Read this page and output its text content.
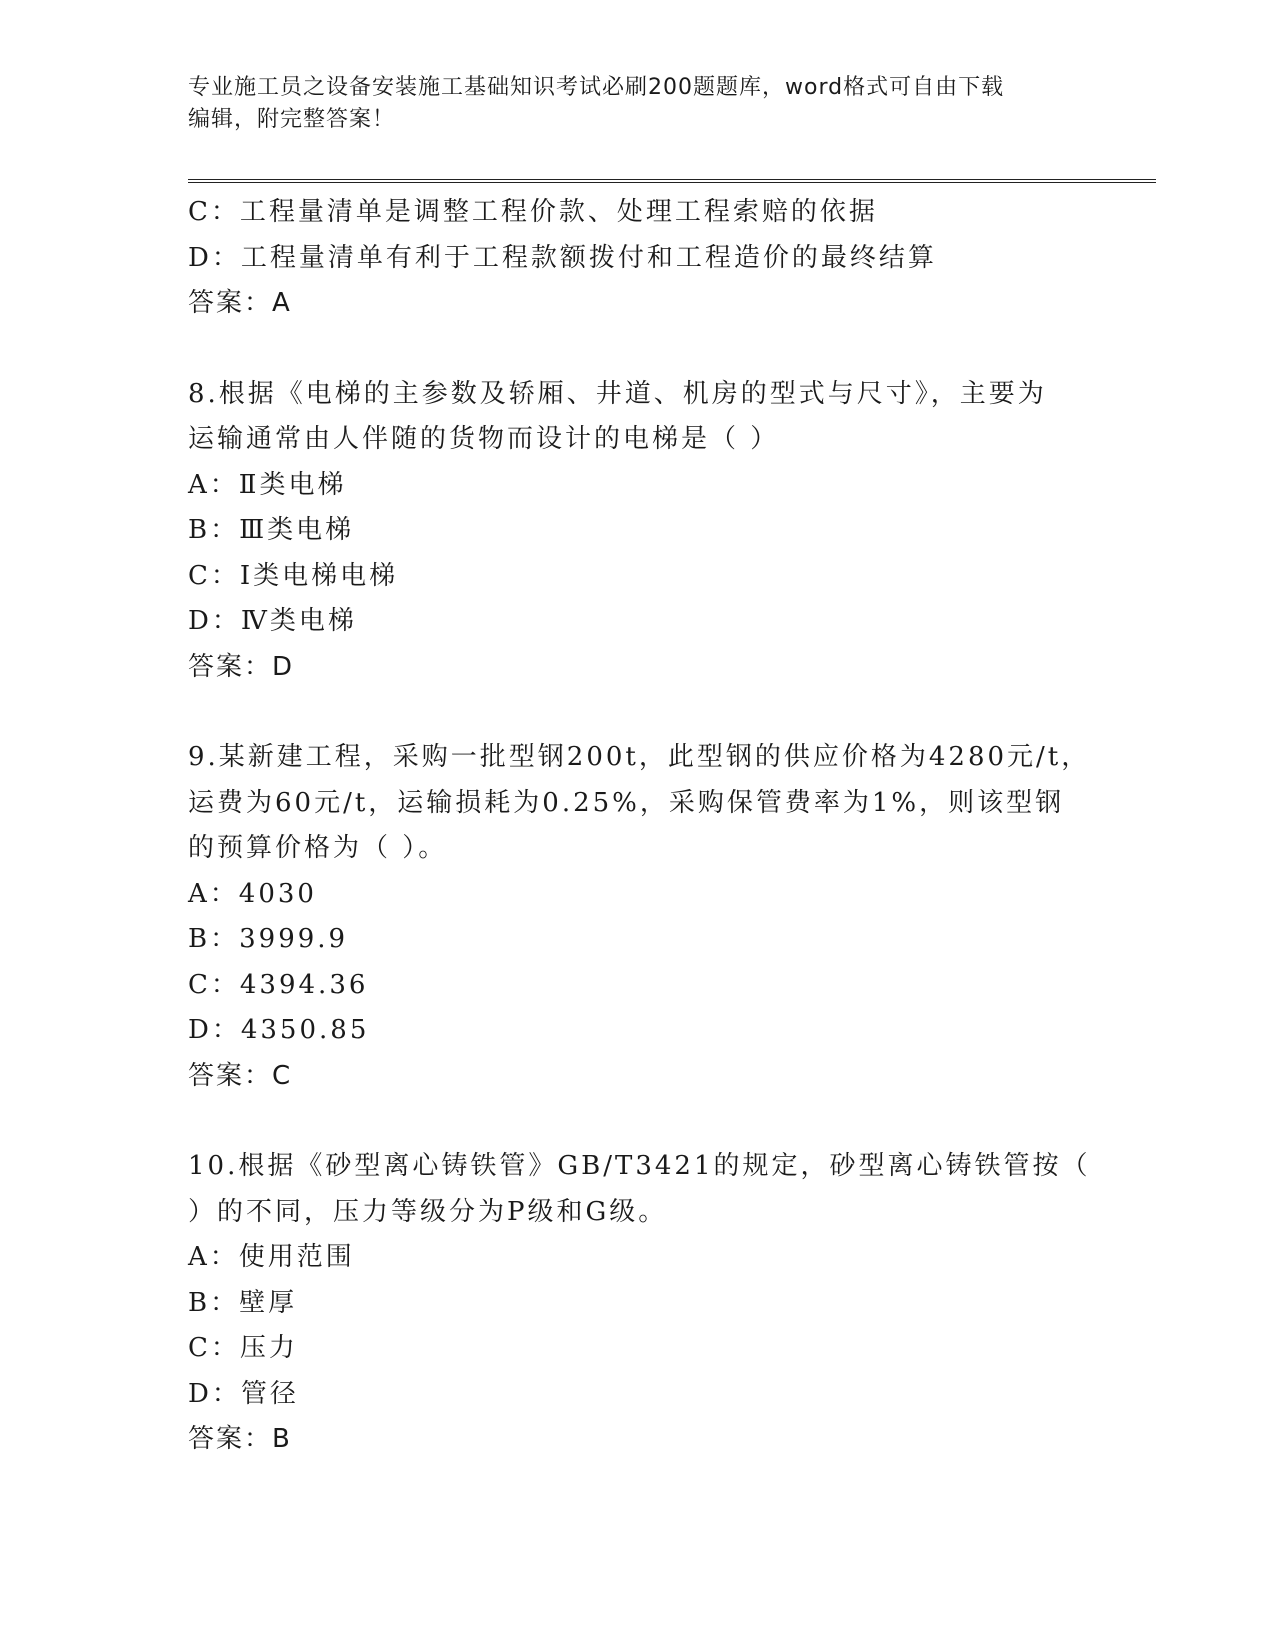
专业施工员之设备安装施工基础知识考试必刷200题题库，word格式可自由下载
编辑，附完整答案！
C：工程量清单是调整工程价款、处理工程索赔的依据
D：工程量清单有利于工程款额拨付和工程造价的最终结算
答案：A
8.根据《电梯的主参数及轿厢、井道、机房的型式与尺寸》，主要为
运输通常由人伴随的货物而设计的电梯是（ ）
A：Ⅱ类电梯
B：Ⅲ类电梯
C：Ⅰ类电梯电梯
D：Ⅳ类电梯
答案：D
9.某新建工程，采购一批型钢200t，此型钢的供应价格为4280元/t，
运费为60元/t，运输损耗为0.25%，采购保管费率为1%，则该型钢
的预算价格为（ ）。
A：4030
B：3999.9
C：4394.36
D：4350.85
答案：C
10.根据《砂型离心铸铁管》GB/T3421的规定，砂型离心铸铁管按（
）的不同，压力等级分为P级和G级。
A：使用范围
B：壁厚
C：压力
D：管径
答案：B
